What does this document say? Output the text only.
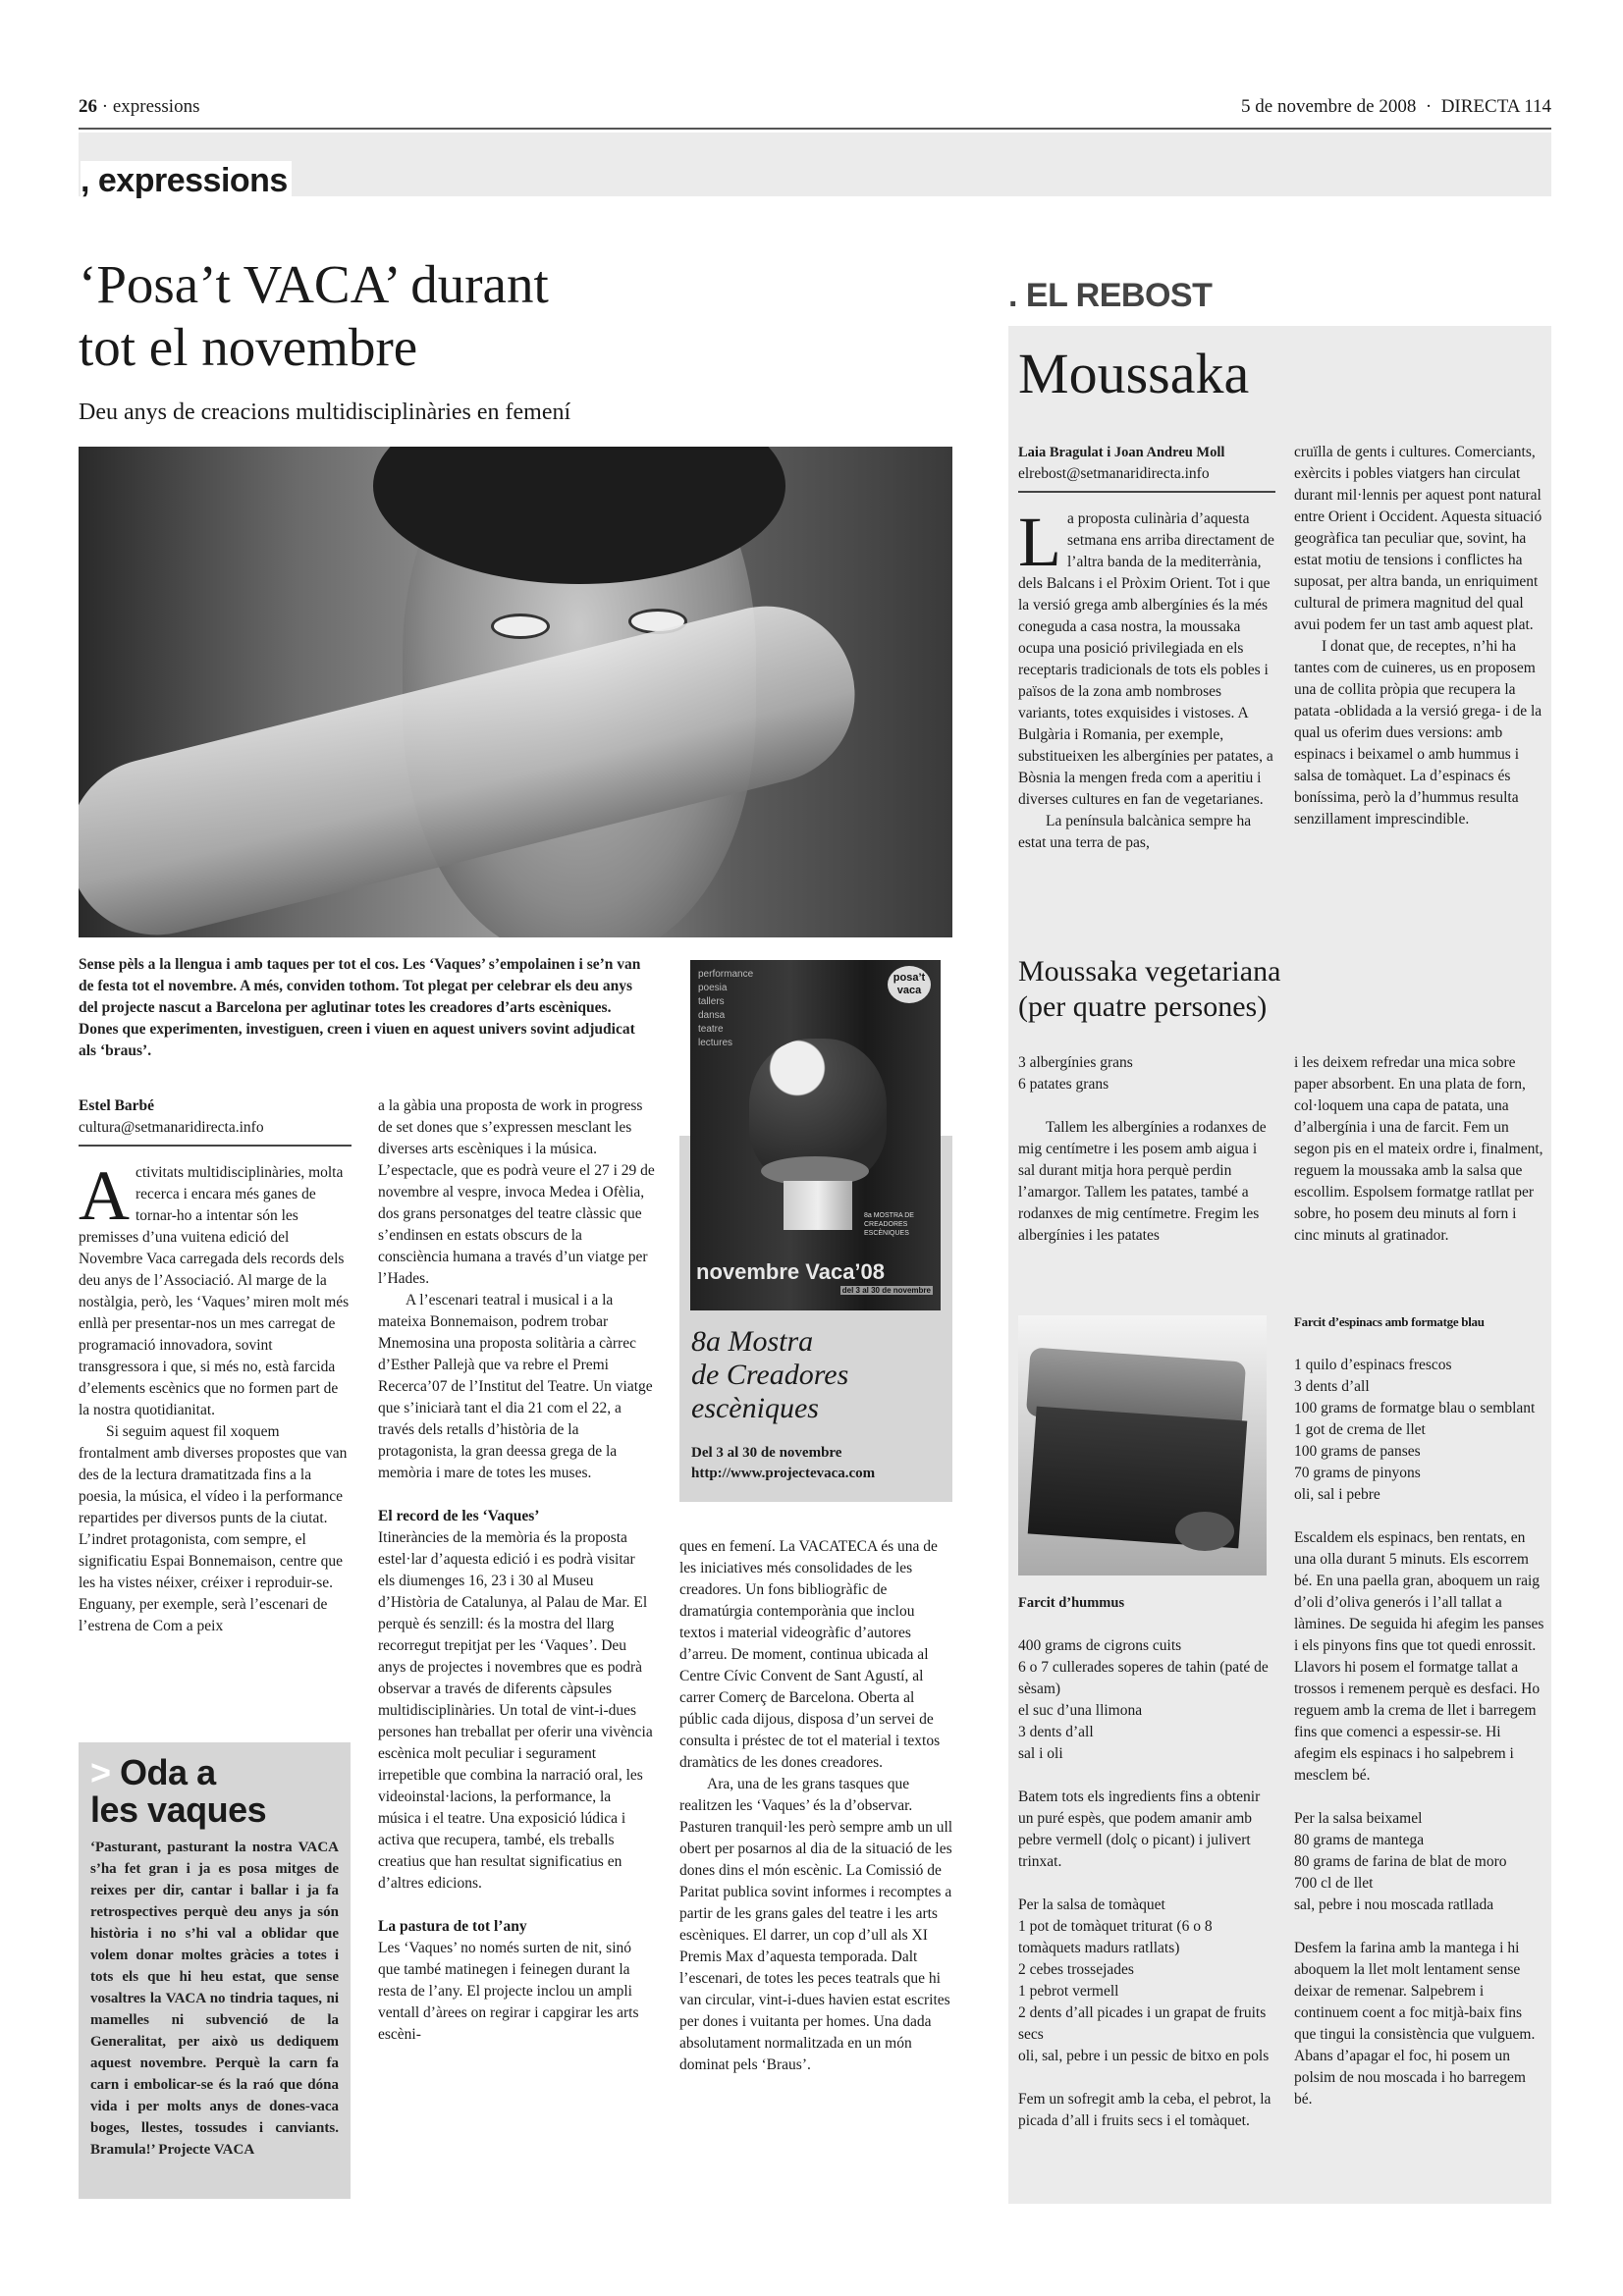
26 · expressions	5 de novembre de 2008 · DIRECTA 114
, expressions
‘Posa’t VACA’ durant
tot el novembre
Deu anys de creacions multidisciplinàries en femení
Sense pèls a la llengua i amb taques per tot el cos. Les ‘Vaques’ s’empolainen i se’n van de festa tot el novembre. A més, conviden tothom. Tot plegat per celebrar els deu anys del projecte nascut a Barcelona per aglutinar totes les creadores d’arts escèniques. Dones que experimenten, investiguen, creen i viuen en aquest univers sovint adjudicat als ‘braus’.
Estel Barbé
cultura@setmanaridirecta.info

Activitats multidisciplinàries, molta recerca i encara més ganes de tornar-ho a intentar són les premisses d’una vuitena edició del Novembre Vaca carregada dels records dels deu anys de l’Associació. Al marge de la nostàlgia, però, les ‘Vaques’ miren molt més enllà per presentar-nos un mes carregat de programació innovadora, sovint transgressora i que, si més no, està farcida d’elements escènics que no formen part de la nostra quotidianitat.

Si seguim aquest fil xoquem frontalment amb diverses propostes que van des de la lectura dramatitzada fins a la poesia, la música, el vídeo i la performance repartides per diversos punts de la ciutat. L’indret protagonista, com sempre, el significatiu Espai Bonnemaison, centre que les ha vistes néixer, créixer i reproduir-se. Enguany, per exemple, serà l’escenari de l’estrena de Com a peix

a la gàbia una proposta de work in progress de set dones que s’expressen mesclant les diverses arts escèniques i la música. L’espectacle, que es podrà veure el 27 i 29 de novembre al vespre, invoca Medea i Ofèlia, dos grans personatges del teatre clàssic que s’endinsen en estats obscurs de la consciència humana a través d’un viatge per l’Hades.

A l’escenari teatral i musical i a la mateixa Bonnemaison, podrem trobar Mnemosina una proposta solitària a càrrec d’Esther Pallejà que va rebre el Premi Recerca’07 de l’Institut del Teatre. Un viatge que s’iniciarà tant el dia 21 com el 22, a través dels retalls d’història de la protagonista, la gran deessa grega de la memòria i mare de totes les muses.

El record de les ‘Vaques’

Itineràncies de la memòria és la proposta estel·lar d’aquesta edició i es podrà visitar els diumenges 16, 23 i 30 al Museu d’Història de Catalunya, al Palau de Mar. El perquè és senzill: és la mostra del llarg recorregut trepitjat per les ‘Vaques’. Deu anys de projectes i novembres que es podrà observar a través de diferents càpsules multidisciplinàries. Un total de vint-i-dues persones han treballat per oferir una vivència escènica molt peculiar i segurament irrepetible que combina la narració oral, les videoinstal·lacions, la performance, la música i el teatre. Una exposició lúdica i activa que recupera, també, els treballs creatius que han resultat significatius en d’altres edicions.

La pastura de tot l’any

Les ‘Vaques’ no només surten de nit, sinó que també matinegen i feinegen durant la resta de l’any. El projecte inclou un ampli ventall d’àrees on regirar i capgirar les arts escèni-

performance
poesia
tallers
dansa
teatre
lectures
posa’t
vaca
8a MOSTRA DE CREADORES ESCÈNIQUES
novembre Vaca’08
del 3 al 30 de novembre
8a Mostra
de Creadores
escèniques
Del 3 al 30 de novembre
http://www.projectevaca.com

ques en femení. La VACATECA és una de les iniciatives més consolidades de les creadores. Un fons bibliogràfic de dramatúrgia contemporània que inclou textos i material videogràfic d’autores d’arreu. De moment, continua ubicada al Centre Cívic Convent de Sant Agustí, al carrer Comerç de Barcelona. Oberta al públic cada dijous, disposa d’un servei de consulta i préstec de tot el material i textos dramàtics de les dones creadores.

Ara, una de les grans tasques que realitzen les ‘Vaques’ és la d’observar. Pasturen tranquil·les però sempre amb un ull obert per posarnos al dia de la situació de les dones dins el món escènic. La Comissió de Paritat publica sovint informes i recomptes a partir de les grans gales del teatre i les arts escèniques. El darrer, un cop d’ull als XI Premis Max d’aquesta temporada. Dalt l’escenari, de totes les peces teatrals que hi van circular, vint-i-dues havien estat escrites per dones i vuitanta per homes. Una dada absolutament normalitzada en un món dominat pels ‘Braus’.

> Oda a
les vaques

‘Pasturant, pasturant la nostra VACA s’ha fet gran i ja es posa mitges de reixes per dir, cantar i ballar i ja fa retrospectives perquè deu anys ja són història i no s’hi val a oblidar que volem donar moltes gràcies a totes i tots els que hi heu estat, que sense vosaltres la VACA no tindria taques, ni mamelles ni subvenció de la Generalitat, per això us dediquem aquest novembre. Perquè la carn fa carn i embolicar-se és la raó que dóna vida i per molts anys de dones-vaca boges, llestes, tossudes i canviants. Bramula!’ Projecte VACA

. EL REBOST
Moussaka
Laia Bragulat i Joan Andreu Moll
elrebost@setmanaridirecta.info

La proposta culinària d’aquesta setmana ens arriba directament de l’altra banda de la mediterrània, dels Balcans i el Pròxim Orient. Tot i que la versió grega amb albergínies és la més coneguda a casa nostra, la moussaka ocupa una posició privilegiada en els receptaris tradicionals de tots els pobles i països de la zona amb nombroses variants, totes exquisides i vistoses. A Bulgària i Romania, per exemple, substitueixen les albergínies per patates, a Bòsnia la mengen freda com a aperitiu i diverses cultures en fan de vegetarianes.

La península balcànica sempre ha estat una terra de pas,

cruïlla de gents i cultures. Comerciants, exèrcits i pobles viatgers han circulat durant mil·lennis per aquest pont natural entre Orient i Occident. Aquesta situació geogràfica tan peculiar que, sovint, ha estat motiu de tensions i conflictes ha suposat, per altra banda, un enriquiment cultural de primera magnitud del qual avui podem fer un tast amb aquest plat.

I donat que, de receptes, n’hi ha tantes com de cuineres, us en proposem una de collita pròpia que recupera la patata -oblidada a la versió grega- i de la qual us oferim dues versions: amb espinacs i beixamel o amb hummus i salsa de tomàquet. La d’espinacs és boníssima, però la d’hummus resulta senzillament imprescindible.

Moussaka vegetariana
(per quatre persones)

3 albergínies grans

6 patates grans

Tallem les albergínies a rodanxes de mig centímetre i les posem amb aigua i sal durant mitja hora perquè perdin l’amargor. Tallem les patates, també a rodanxes de mig centímetre. Fregim les albergínies i les patates

i les deixem refredar una mica sobre paper absorbent. En una plata de forn, col·loquem una capa de patata, una d’albergínia i una de farcit. Fem un segon pis en el mateix ordre i, finalment, reguem la moussaka amb la salsa que escollim. Espolsem formatge ratllat per sobre, ho posem deu minuts al forn i cinc minuts al gratinador.

Farcit d’hummus

400 grams de cigrons cuits

6 o 7 cullerades soperes de tahin (paté de sèsam)

el suc d’una llimona

3 dents d’all

sal i oli

Batem tots els ingredients fins a obtenir un puré espès, que podem amanir amb pebre vermell (dolç o picant) i julivert trinxat.

Per la salsa de tomàquet

1 pot de tomàquet triturat (6 o 8 tomàquets madurs ratllats)

2 cebes trossejades

1 pebrot vermell

2 dents d’all picades i un grapat de fruits secs

oli, sal, pebre i un pessic de bitxo en pols

Fem un sofregit amb la ceba, el pebrot, la picada d’all i fruits secs i el tomàquet.

Farcit d’espinacs amb formatge blau

1 quilo d’espinacs frescos

3 dents d’all

100 grams de formatge blau o semblant

1 got de crema de llet

100 grams de panses

70 grams de pinyons

oli, sal i pebre

Escaldem els espinacs, ben rentats, en una olla durant 5 minuts. Els escorrem bé. En una paella gran, aboquem un raig d’oli d’oliva generós i l’all tallat a làmines. De seguida hi afegim les panses i els pinyons fins que tot quedi enrossit. Llavors hi posem el formatge tallat a trossos i remenem perquè es desfaci. Ho reguem amb la crema de llet i barregem fins que comenci a espessir-se. Hi afegim els espinacs i ho salpebrem i mesclem bé.

Per la salsa beixamel

80 grams de mantega

80 grams de farina de blat de moro

700 cl de llet

sal, pebre i nou moscada ratllada

Desfem la farina amb la mantega i hi aboquem la llet molt lentament sense deixar de remenar. Salpebrem i continuem coent a foc mitjà-baix fins que tingui la consistència que vulguem. Abans d’apagar el foc, hi posem un polsim de nou moscada i ho barregem bé.
